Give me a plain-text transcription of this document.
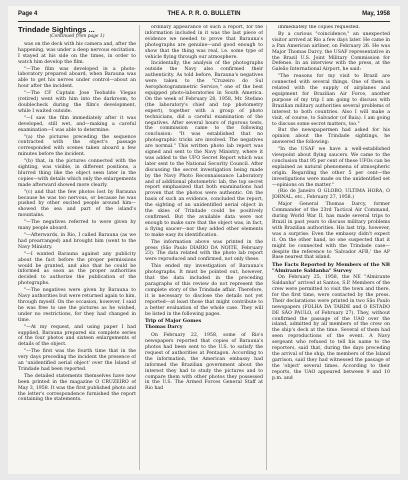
Page 4	THE A. P. R. O. BULLETIN	May, 1958
Trindade Sightings ...
(Continued from page 1)

was on the deck with his camera and, after the happening, was under a deep nervous excitation. I stayed at his side on the times, in order to watch him develop the film.

"—The film was developed in a photo-laboratory prepared aboard, when Barauna was able to get his nerves under control—about an hour after the incident.

"—The CF Captain Jose Teobaldo Viegas (retired) went with him into the darkroom, to doublecheck during the film's development, while I waited outside.

"—I saw the film immediately after it was developed, still wet, and—making a careful examination—I was able to determine:

"(a) the pictures preceding the sequence contracted with the object's passage corresponded with scenes taken aboard a few minutes before the incident.

"(b) that, in the pictures connected with the sighting, was visible, in different positions, a blurred thing like the object seen later in the copies—with details which only the enlargements made afterward showed more clearly.

"(c) and that the few photos lost by Barauna because he was too nervous, or because he was pushed by other excited people around him—showed the sea and part of the island's mountains.

"—The negatives referred to were given by many people aboard.

"—Afterwards, in Rio, I called Barauna (as we had prearranged) and brought him (went to the Navy Ministry.

"—I wanted Barauna against any publicity about the fact before the proper permissions would be granted, and also that he could be informed as soon as the proper authorities decided to authorize the publication of the photographs.

"—The negatives were given by Barauna to Navy authorities but were returned again to him, through myself. On the occasion, however, I said he was free to use the pictures as he wished, under no restrictions, for they had changed in time.

"—At my request, and using paper I had supplied, Barauna prepared six complete series of the four photos and sixteen enlargements of details of the object.

"—The first was the fourth time that in the very days preceding the incident the presence of an 'unidentified aerial object' over the Island of Trindade had been reported.

The detailed statements themselves have now been printed in the magazine O CRUZEIRO of May 3, 1958. It was the first published photo and the letter's correspondence furnished the report containing the statements.

ordinary appearance of such a report, for the information included in it was the last piece of evidence we needed to prove that Barauna's photographs are genuine—and good enough to show that the thing was real, i.e. some type of vehicle flying through our atmosphere.

Incidentally, the analysis of the photographs outside the Navy also confirmed their authenticity. As told before, Barauna's negatives were taken to the "Cruzeiro do Sul Aerophotogrammetric Service," one of the best equipped photo-laboratories in South America. On the week of February 28, 1958, Mr. Stefano (the laboratory's chief and top photometry expert), together with a group of photo technicians, did a careful examination of the negatives. After several hours of rigorous tests, the commission came to the following conclusion: "It was established that no photographic tricks are involved. The negatives are normal." This written photo lab report was signed and sent to the Navy Ministry, where it was added to the UFO Secret Report which was later sent to the National Security Council. After discussing the secret investigation being made by the Navy Photo Reconnaissance Laboratory and of additional photometric lab, the top secret report emphasized that both examinations had proven that the photos were authentic. On the basis of such an evidence, concluded the report, the sighting of an unidentified aerial object in the skies of Trindade could be positively confirmed. But the available data were not enough to make sure that the object was, in fact, a flying saucer—nor they added other elements to make easy its identification.

The information above was printed in the press (São Paulo DIARIO DA NOITE, February 23). The data related with the photo lab report were reproduced and confirmed, not only these.

This ended my investigation of Barauna's photographs. It must be pointed out, however, that the data included in the preceding paragraphs of this review do not represent the complete story of the Trindade affair. Therefore, it is necessary to disclose the details not yet reported—at least those that might contribute to a better evaluation of the whole case. They will be listed in the following pages.

Trip of Major Gomes
Thomas Darcy

On February 22, 1958, some of Rio's newspapers reported that copies of Barauna's photos had been sent to the U.S. to satisfy the request of authorities at Pentagon. According to the information, the American embassy had informed the Brazilian government about the interest they had to study the pictures and to compare them with other photos they possessed in the U.S. The Armed Forces General Staff at Rio had

immediately the copies requested.

By a curious "coincidence," an unexpected visitor arrived at Rio a few days later. He came in a Pan American airliner, on February 26. He was Major Thomas Darcy, the USAF representative in the Brazil U.S. Joint Military Commission for Defense. In an interview with the press, at the Galeão International Airport, he said:

"The reasons for my visit to Brazil are connected with several things. One of them is related with the supply of airplanes and equipment for Brazilian Air Force, another purpose of my trip I am going to discuss with Brazilian military authorities several problems of interest to both countries. Also I will make a visit, of course, to Salvador (of Baia). I am going to discuss some secret matters, too."

But the newspapermen had asked for his opinion about the Trindade sightings, he answered the following:

"In the USAF we have a well-established viewpoint about flying saucers. We came to the conclusion that 95 per cent of these UFOs can be explained as natural phenomena of atmospheric origin. Regarding the other 5 per cent—the investigations were made on the unidentified set—opinions on the matter."

(Rio de Janeiro O GLOBO, ULTIMA HORA, O JORNAL, etc., February 27, 1958.)

Major General Thomas Darcy, former Commander of the 23rd Tactical Air Command, during World War II, has made several trips to Brazil in past years to discuss military problems with Brazilian authorities. His last trip, however, was a surprise. Even the embassy didn't expect it. On the other hand, no one suspected that it might be connected with the Trindade case—despite the reference to 'Salvador AFB,' the AP Base nearest that island.

The Facts Reported by Members of the NB "Almirante Saldanha" Survey

On February 25, 1958, the NE "Almirante Saldanha" arrived at Santos, S.P. Members of the crew were permitted to visit the town and there, for the first time, were contacted by the press. Their declarations were printed in two São Paulo newspapers (FOLHA DA TARDE and O ESTADO DE SÃO PAULO, of February 27). They, without confirmed the passage of the UAO over the island, admitted by all members of the crew on the ship's deck at the time. Several of them had seen reproductions of the event. A Navy sergeant who refused to tell his name to the reporters, said that, during the days preceding the arrival of the ship, the members of the Island garrison, said they had witnessed the passage of the 'object' several times. According to their reports, the UAO appeared between 9 and 10 p.m. and
